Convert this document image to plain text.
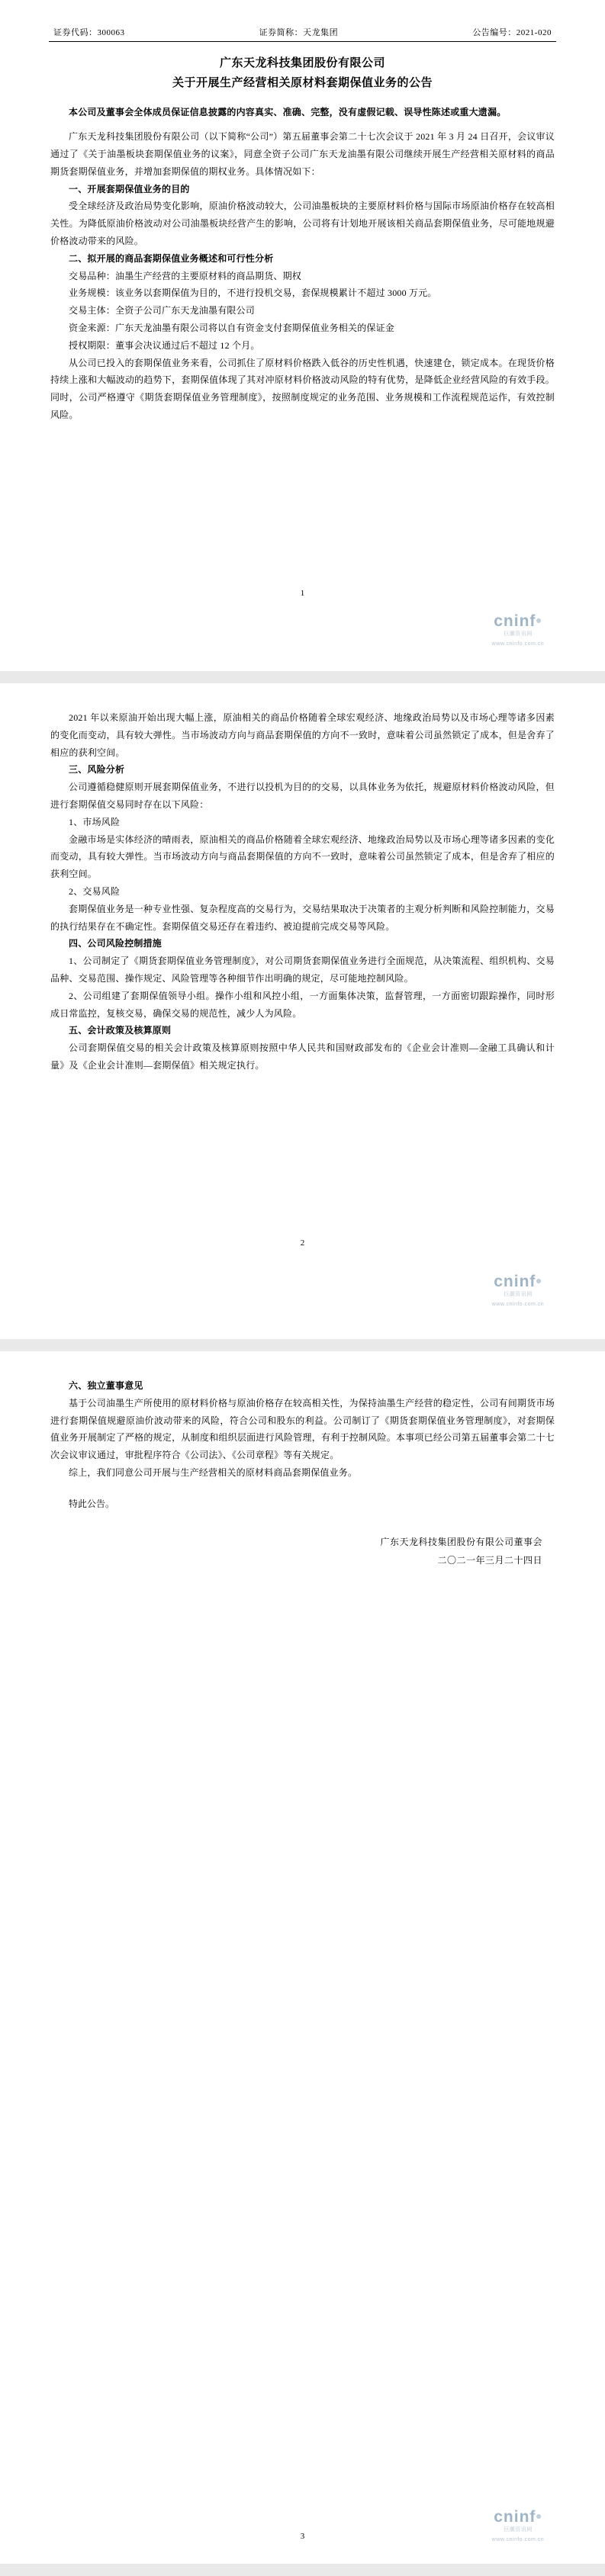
证券代码：300063	证券简称：天龙集团	公告编号：2021-020
广东天龙科技集团股份有限公司
关于开展生产经营相关原材料套期保值业务的公告

本公司及董事会全体成员保证信息披露的内容真实、准确、完整，没有虚假记载、误导性陈述或重大遗漏。

广东天龙科技集团股份有限公司（以下简称“公司”）第五届董事会第二十七次会议于 2021 年 3 月 24 日召开，会议审议通过了《关于油墨板块套期保值业务的议案》，同意全资子公司广东天龙油墨有限公司继续开展生产经营相关原材料的商品期货套期保值业务，并增加套期保值的期权业务。具体情况如下：

一、开展套期保值业务的目的

受全球经济及政治局势变化影响，原油价格波动较大，公司油墨板块的主要原材料价格与国际市场原油价格存在较高相关性。为降低原油价格波动对公司油墨板块经营产生的影响，公司将有计划地开展该相关商品套期保值业务，尽可能地规避价格波动带来的风险。

二、拟开展的商品套期保值业务概述和可行性分析

交易品种：油墨生产经营的主要原材料的商品期货、期权

业务规模：该业务以套期保值为目的，不进行投机交易，套保规模累计不超过 3000 万元。

交易主体：全资子公司广东天龙油墨有限公司

资金来源：广东天龙油墨有限公司将以自有资金支付套期保值业务相关的保证金

授权期限：董事会决议通过后不超过 12 个月。

从公司已投入的套期保值业务来看，公司抓住了原材料价格跌入低谷的历史性机遇，快速建仓，锁定成本。在现货价格持续上涨和大幅波动的趋势下，套期保值体现了其对冲原材料价格波动风险的特有优势，是降低企业经营风险的有效手段。同时，公司严格遵守《期货套期保值业务管理制度》，按照制度规定的业务范围、业务规模和工作流程规范运作，有效控制风险。

1
cninf•
巨潮资讯网
www.cninfo.com.cn

2021 年以来原油开始出现大幅上涨，原油相关的商品价格随着全球宏观经济、地缘政治局势以及市场心理等诸多因素的变化而变动，具有较大弹性。当市场波动方向与商品套期保值的方向不一致时，意味着公司虽然锁定了成本，但是舍弃了相应的获利空间。

三、风险分析

公司遵循稳健原则开展套期保值业务，不进行以投机为目的的交易，以具体业务为依托，规避原材料价格波动风险，但进行套期保值交易同时存在以下风险：

1、市场风险

金融市场是实体经济的晴雨表，原油相关的商品价格随着全球宏观经济、地缘政治局势以及市场心理等诸多因素的变化而变动，具有较大弹性。当市场波动方向与商品套期保值的方向不一致时，意味着公司虽然锁定了成本，但是舍弃了相应的获利空间。

2、交易风险

套期保值业务是一种专业性强、复杂程度高的交易行为，交易结果取决于决策者的主观分析判断和风险控制能力，交易的执行结果存在不确定性。套期保值交易还存在着违约、被迫提前完成交易等风险。

四、公司风险控制措施

1、公司制定了《期货套期保值业务管理制度》，对公司期货套期保值业务进行全面规范，从决策流程、组织机构、交易品种、交易范围、操作规定、风险管理等各种细节作出明确的规定，尽可能地控制风险。

2、公司组建了套期保值领导小组。操作小组和风控小组，一方面集体决策，监督管理，一方面密切跟踪操作，同时形成日常监控，复核交易，确保交易的规范性，减少人为风险。

五、会计政策及核算原则

公司套期保值交易的相关会计政策及核算原则按照中华人民共和国财政部发布的《企业会计准则—金融工具确认和计量》及《企业会计准则—套期保值》相关规定执行。

2
cninf•
巨潮资讯网
www.cninfo.com.cn

六、独立董事意见

基于公司油墨生产所使用的原材料价格与原油价格存在较高相关性，为保持油墨生产经营的稳定性，公司有间期货市场进行套期保值规避原油价波动带来的风险，符合公司和股东的利益。公司制订了《期货套期保值业务管理制度》，对套期保值业务开展制定了严格的规定，从制度和组织层面进行风险管理，有利于控制风险。本事项已经公司第五届董事会第二十七次会议审议通过，审批程序符合《公司法》、《公司章程》等有关规定。

综上，我们同意公司开展与生产经营相关的原材料商品套期保值业务。

特此公告。

广东天龙科技集团股份有限公司董事会
二〇二一年三月二十四日
3
cninf•
巨潮资讯网
www.cninfo.com.cn
